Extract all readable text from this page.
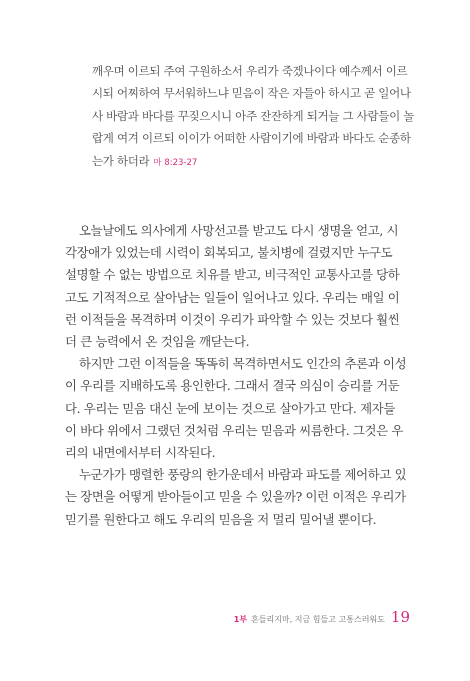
깨우며 이르되 주여 구원하소서 우리가 죽겠나이다 예수께서 이르
시되 어찌하여 무서워하느냐 믿음이 작은 자들아 하시고 곧 일어나
사 바람과 바다를 꾸짖으시니 아주 잔잔하게 되거늘 그 사람들이 놀
랍게 여겨 이르되 이이가 어떠한 사람이기에 바람과 바다도 순종하
는가 하더라 마 8:23-27
오늘날에도 의사에게 사망선고를 받고도 다시 생명을 얻고, 시
각장애가 있었는데 시력이 회복되고, 불치병에 걸렸지만 누구도
설명할 수 없는 방법으로 치유를 받고, 비극적인 교통사고를 당하
고도 기적적으로 살아남는 일들이 일어나고 있다. 우리는 매일 이
런 이적들을 목격하며 이것이 우리가 파악할 수 있는 것보다 훨씬
더 큰 능력에서 온 것임을 깨닫는다.
하지만 그런 이적들을 똑똑히 목격하면서도 인간의 추론과 이성
이 우리를 지배하도록 용인한다. 그래서 결국 의심이 승리를 거둔
다. 우리는 믿음 대신 눈에 보이는 것으로 살아가고 만다. 제자들
이 바다 위에서 그랬던 것처럼 우리는 믿음과 씨름한다. 그것은 우
리의 내면에서부터 시작된다.
누군가가 맹렬한 풍랑의 한가운데서 바람과 파도를 제어하고 있
는 장면을 어떻게 받아들이고 믿을 수 있을까? 이런 이적은 우리가
믿기를 원한다고 해도 우리의 믿음을 저 멀리 밀어낼 뿐이다.
1부 흔들리지마, 지금 힘들고 고통스러워도 19
